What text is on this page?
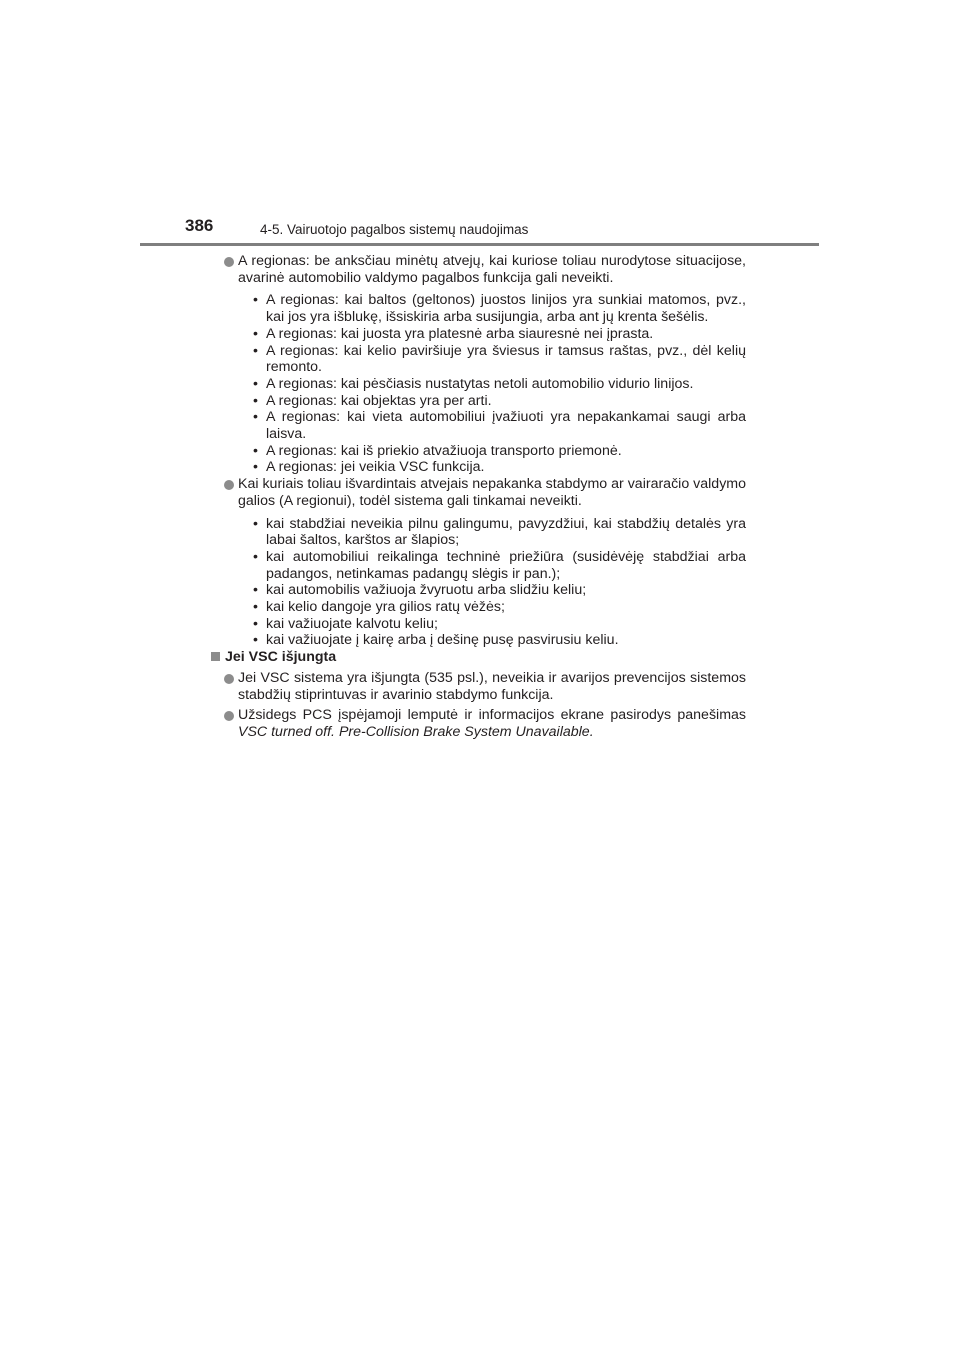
386	4-5. Vairuotojo pagalbos sistemų naudojimas
A regionas: be anksčiau minėtų atvejų, kai kuriose toliau nurodytose situacijose, avarinė automobilio valdymo pagalbos funkcija gali neveikti.
• A regionas: kai baltos (geltonos) juostos linijos yra sunkiai matomos, pvz., kai jos yra išblukę, išsiskiria arba susijungia, arba ant jų krenta šešėlis.
• A regionas: kai juosta yra platesnė arba siauresnė nei įprasta.
• A regionas: kai kelio paviršiuje yra šviesus ir tamsus raštas, pvz., dėl kelių remonto.
• A regionas: kai pėsčiasis nustatytas netoli automobilio vidurio linijos.
• A regionas: kai objektas yra per arti.
• A regionas: kai vieta automobiliui įvažiuoti yra nepakankamai saugi arba laisva.
• A regionas: kai iš priekio atvažiuoja transporto priemonė.
• A regionas: jei veikia VSC funkcija.
Kai kuriais toliau išvardintais atvejais nepakanka stabdymo ar vairaračio valdymo galios (A regionui), todėl sistema gali tinkamai neveikti.
• kai stabdžiai neveikia pilnu galingumu, pavyzdžiui, kai stabdžių detalės yra labai šaltos, karštos ar šlapios;
• kai automobiliui reikalinga techninė priežiūra (susidėvėję stabdžiai arba padangos, netinkamas padangų slėgis ir pan.);
• kai automobilis važiuoja žvyruotu arba slidžiu keliu;
• kai kelio dangoje yra gilios ratų vėžės;
• kai važiuojate kalvotu keliu;
• kai važiuojate į kairę arba į dešinę pusę pasvirusiu keliu.
Jei VSC išjungta
Jei VSC sistema yra išjungta (535 psl.), neveikia ir avarijos prevencijos sistemos stabdžių stiprintuvas ir avarinio stabdymo funkcija.
Užsidegs PCS įspėjamoji lemputė ir informacijos ekrane pasirodys panešimas VSC turned off. Pre-Collision Brake System Unavailable.
